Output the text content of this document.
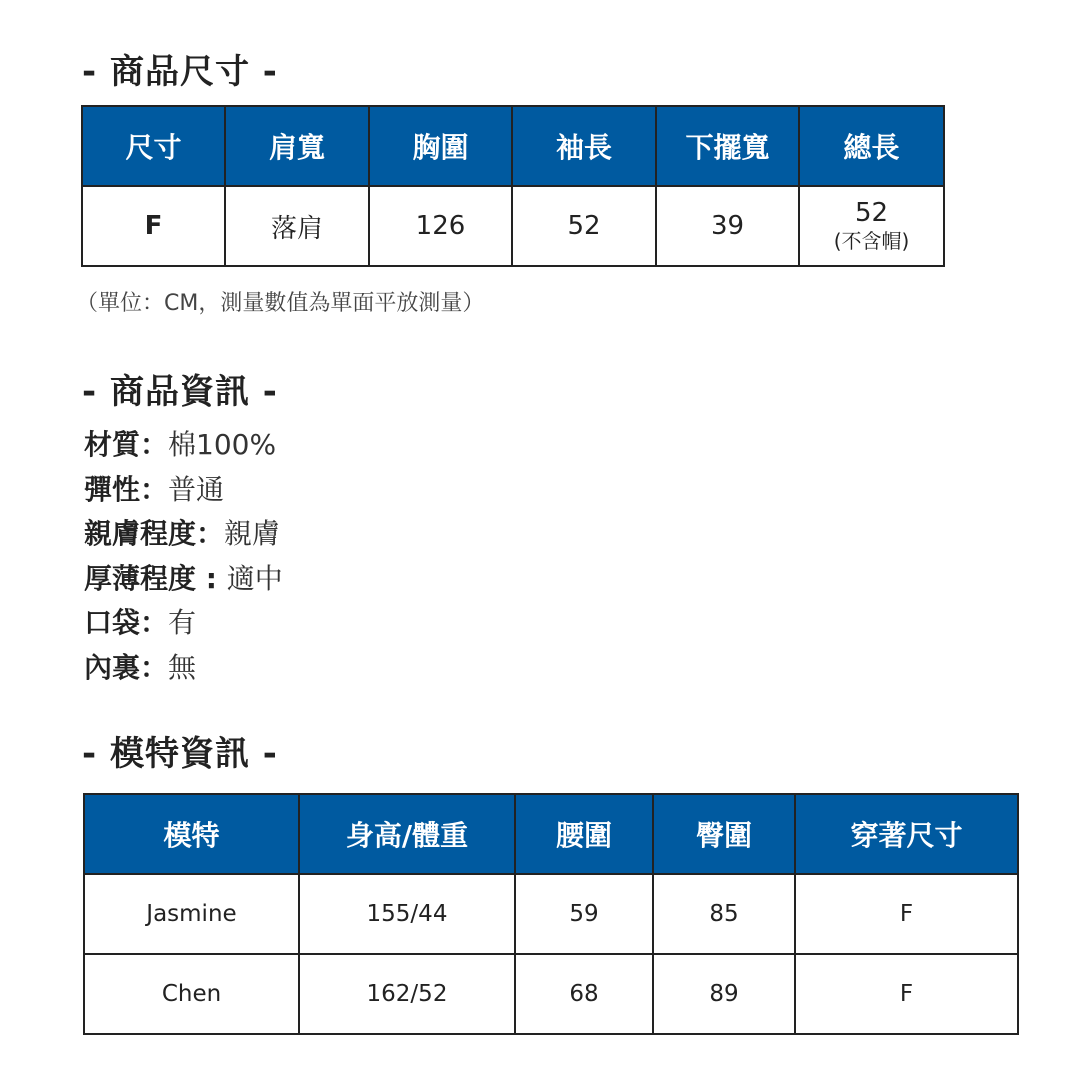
- 商品尺寸 -
尺寸	肩寬	胸圍	袖長	下擺寬	總長
F	落肩	126	52	39	52
(不含帽)
（單位：CM，測量數值為單面平放測量）
- 商品資訊 -
材質：棉100%
彈性：普通
親膚程度：親膚
厚薄程度 : 適中
口袋：有
內裏：無
- 模特資訊 -
模特	身高/體重	腰圍	臀圍	穿著尺寸
Jasmine	155/44	59	85	F
Chen	162/52	68	89	F
